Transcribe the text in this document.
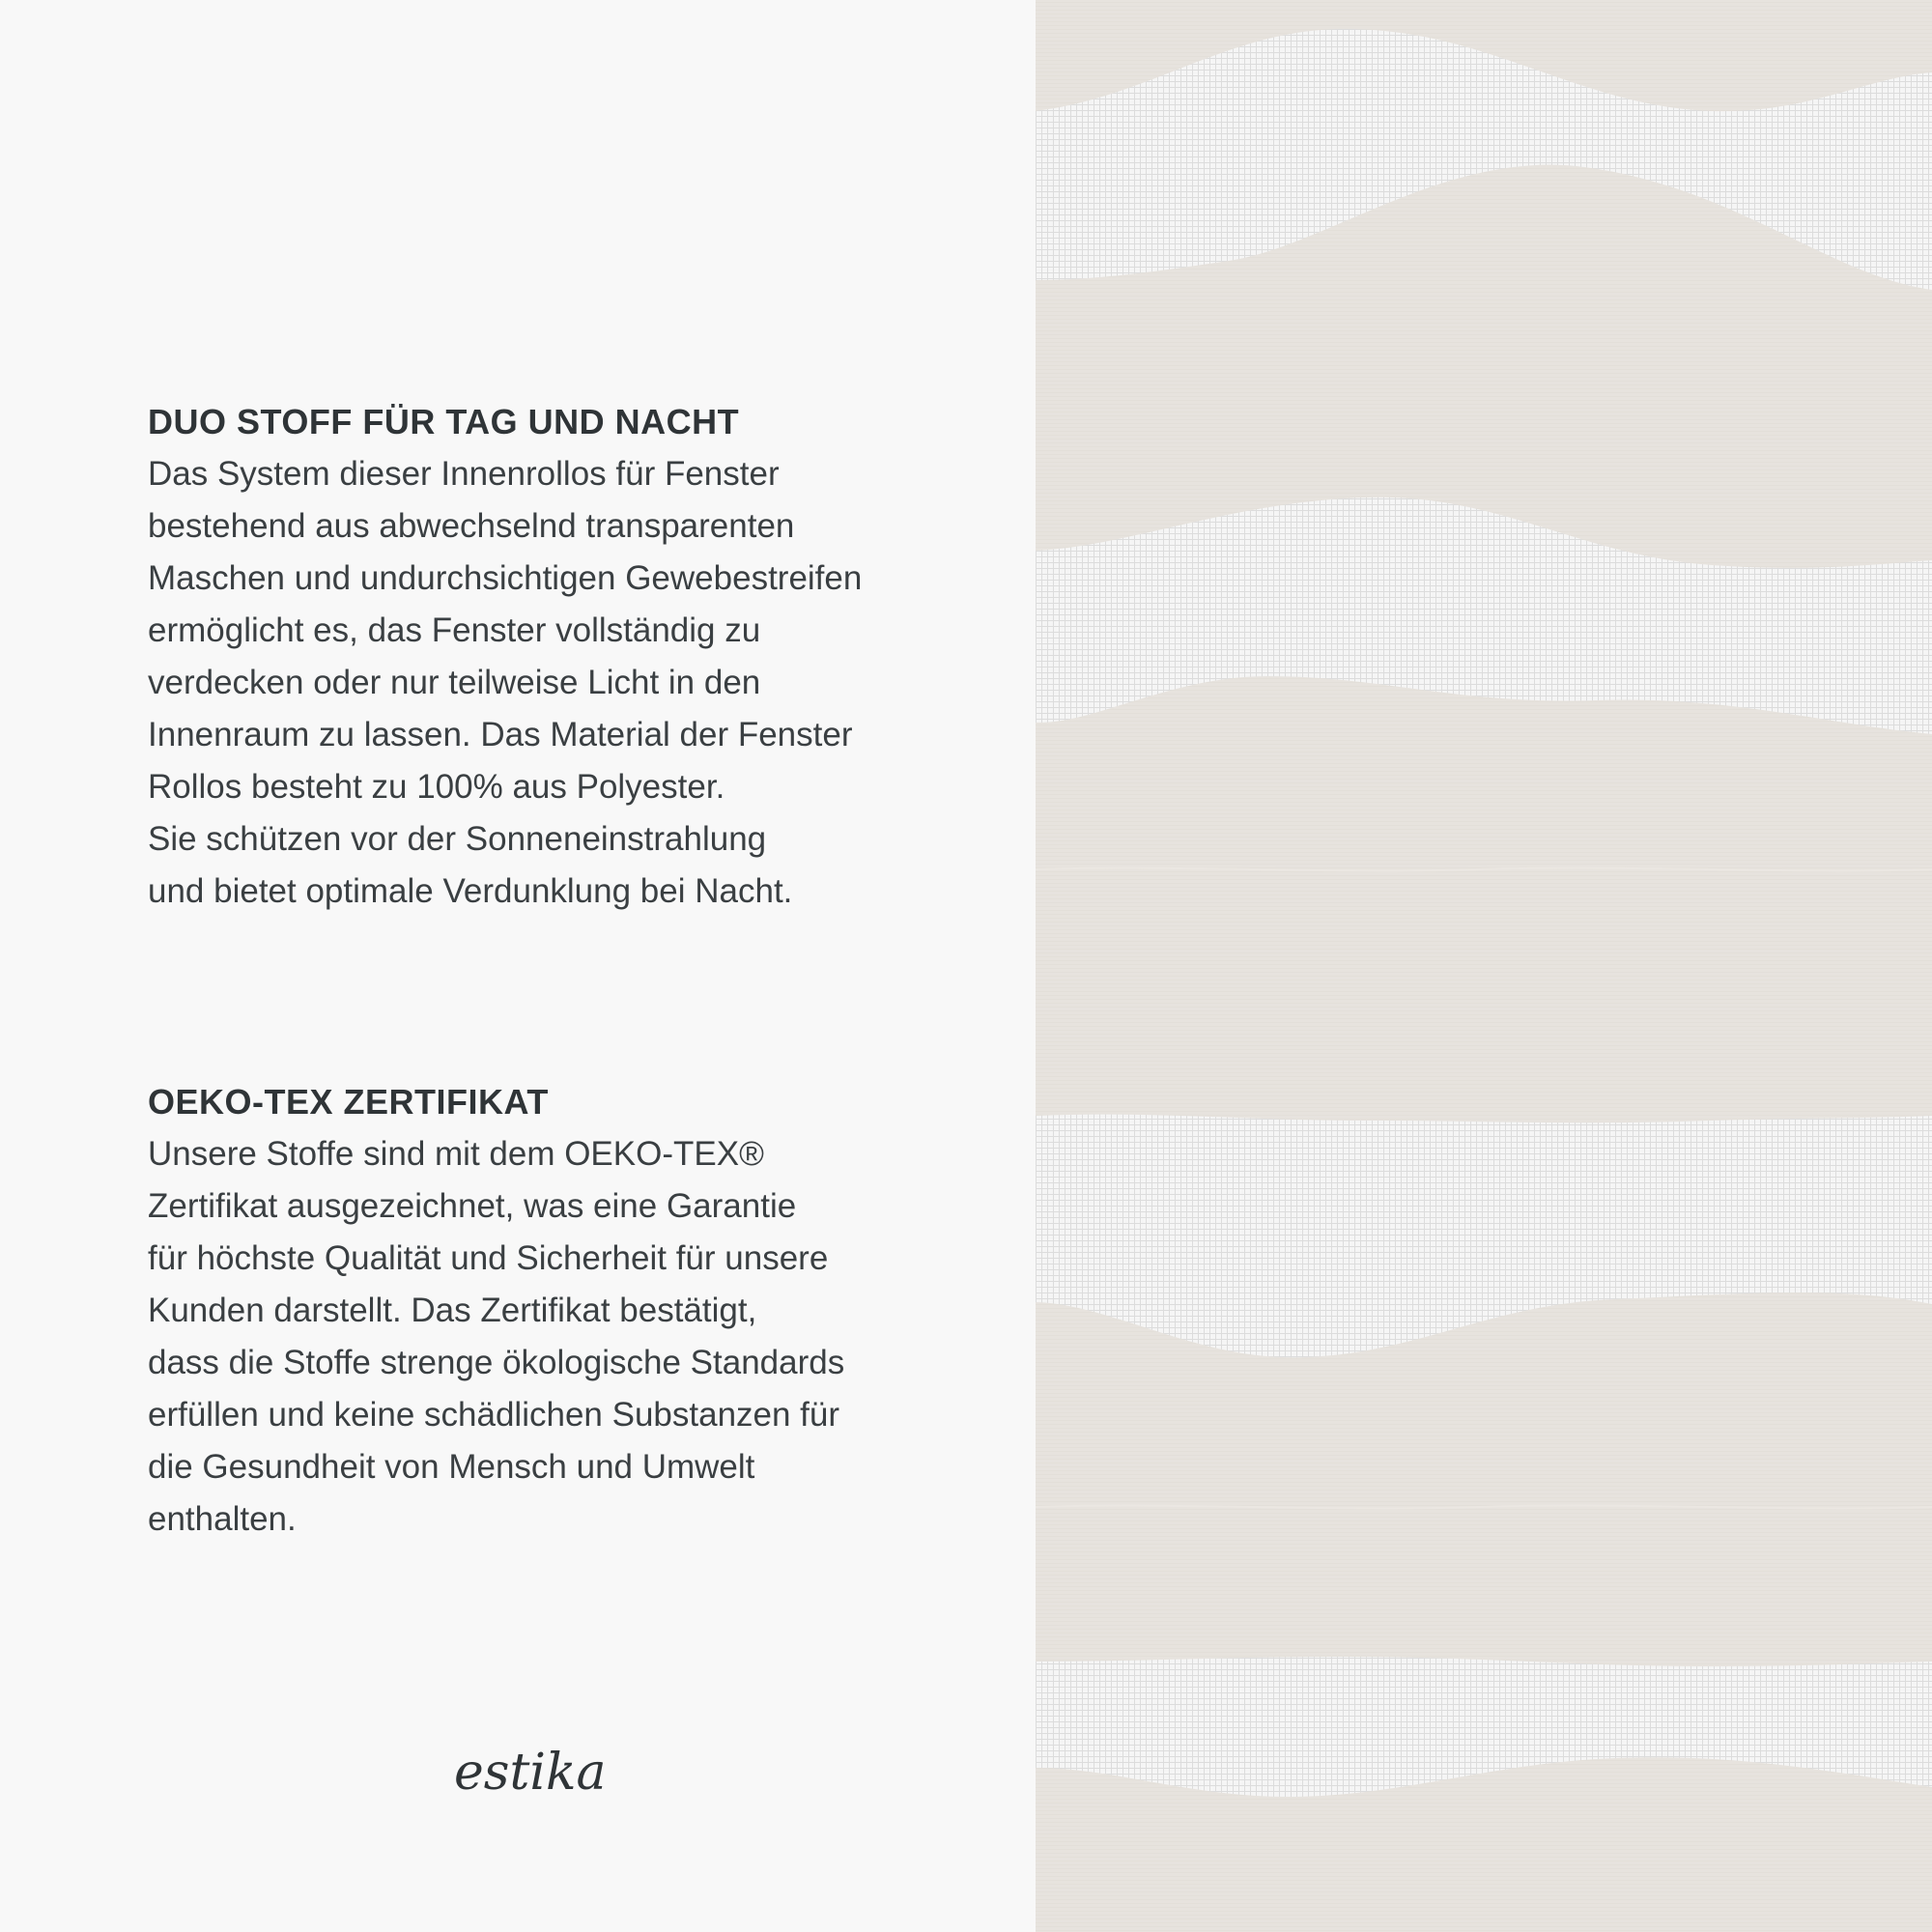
DUO STOFF FÜR TAG UND NACHT

Das System dieser Innenrollos für Fenster

bestehend aus abwechselnd transparenten

Maschen und undurchsichtigen Gewebestreifen

ermöglicht es, das Fenster vollständig zu

verdecken oder nur teilweise Licht in den

Innenraum zu lassen. Das Material der Fenster

Rollos besteht zu 100% aus Polyester.

Sie schützen vor der Sonneneinstrahlung

und bietet optimale Verdunklung bei Nacht.

OEKO-TEX ZERTIFIKAT

Unsere Stoffe sind mit dem OEKO-TEX®

Zertifikat ausgezeichnet, was eine Garantie

für höchste Qualität und Sicherheit für unsere

Kunden darstellt. Das Zertifikat bestätigt,

dass die Stoffe strenge ökologische Standards

erfüllen und keine schädlichen Substanzen für

die Gesundheit von Mensch und Umwelt

enthalten.

estika
